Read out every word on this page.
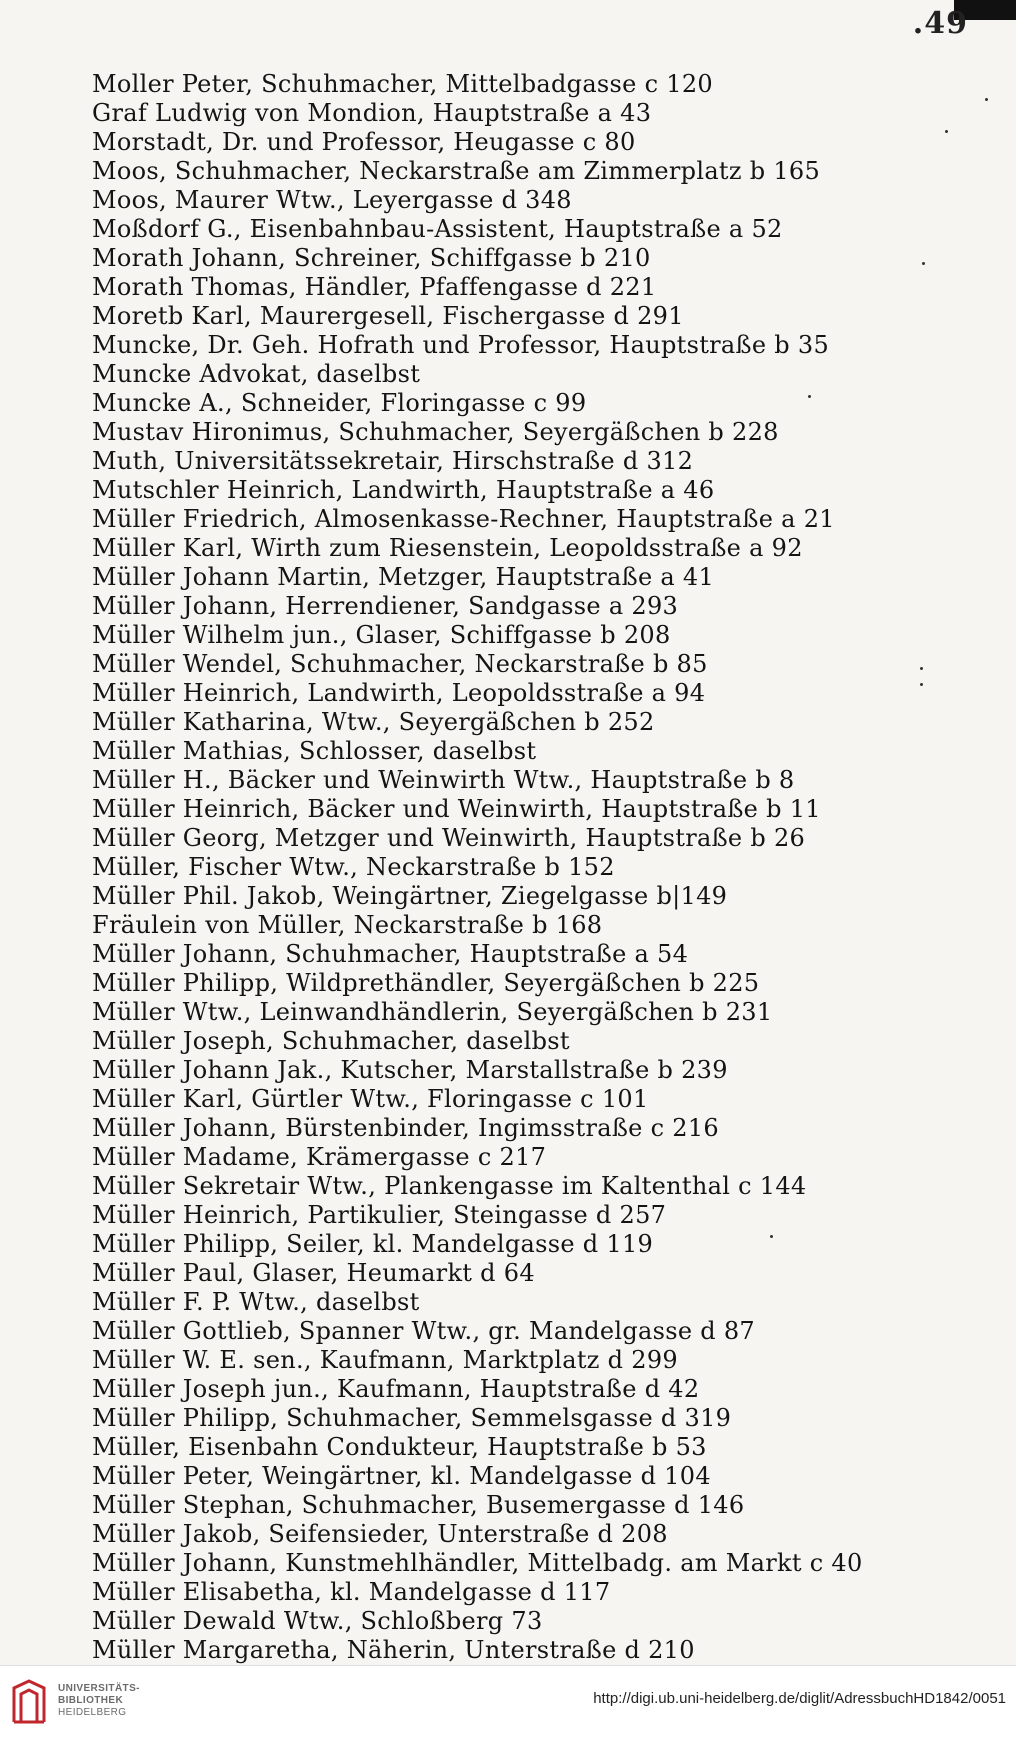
.49
Moller Peter, Schuhmacher, Mittelbadgasse c 120
Graf Ludwig von Mondion, Hauptstraße a 43
Morstadt, Dr. und Professor, Heugasse c 80
Moos, Schuhmacher, Neckarstraße am Zimmerplatz b 165
Moos, Maurer Wtw., Leyergasse d 348
Moßdorf G., Eisenbahnbau-Assistent, Hauptstraße a 52
Morath Johann, Schreiner, Schiffgasse b 210
Morath Thomas, Händler, Pfaffengasse d 221
Moretb Karl, Maurergesell, Fischergasse d 291
Muncke, Dr. Geh. Hofrath und Professor, Hauptstraße b 35
Muncke Advokat, daselbst
Muncke A., Schneider, Floringasse c 99
Mustav Hironimus, Schuhmacher, Seyergäßchen b 228
Muth, Universitätssekretair, Hirschstraße d 312
Mutschler Heinrich, Landwirth, Hauptstraße a 46
Müller Friedrich, Almosenkasse-Rechner, Hauptstraße a 21
Müller Karl, Wirth zum Riesenstein, Leopoldsstraße a 92
Müller Johann Martin, Metzger, Hauptstraße a 41
Müller Johann, Herrendiener, Sandgasse a 293
Müller Wilhelm jun., Glaser, Schiffgasse b 208
Müller Wendel, Schuhmacher, Neckarstraße b 85
Müller Heinrich, Landwirth, Leopoldsstraße a 94
Müller Katharina, Wtw., Seyergäßchen b 252
Müller Mathias, Schlosser, daselbst
Müller H., Bäcker und Weinwirth Wtw., Hauptstraße b 8
Müller Heinrich, Bäcker und Weinwirth, Hauptstraße b 11
Müller Georg, Metzger und Weinwirth, Hauptstraße b 26
Müller, Fischer Wtw., Neckarstraße b 152
Müller Phil. Jakob, Weingärtner, Ziegelgasse b|149
Fräulein von Müller, Neckarstraße b 168
Müller Johann, Schuhmacher, Hauptstraße a 54
Müller Philipp, Wildprethändler, Seyergäßchen b 225
Müller Wtw., Leinwandhändlerin, Seyergäßchen b 231
Müller Joseph, Schuhmacher, daselbst
Müller Johann Jak., Kutscher, Marstallstraße b 239
Müller Karl, Gürtler Wtw., Floringasse c 101
Müller Johann, Bürstenbinder, Ingimsstraße c 216
Müller Madame, Krämergasse c 217
Müller Sekretair Wtw., Plankengasse im Kaltenthal c 144
Müller Heinrich, Partikulier, Steingasse d 257
Müller Philipp, Seiler, kl. Mandelgasse d 119
Müller Paul, Glaser, Heumarkt d 64
Müller F. P. Wtw., daselbst
Müller Gottlieb, Spanner Wtw., gr. Mandelgasse d 87
Müller W. E. sen., Kaufmann, Marktplatz d 299
Müller Joseph jun., Kaufmann, Hauptstraße d 42
Müller Philipp, Schuhmacher, Semmelsgasse d 319
Müller, Eisenbahn Condukteur, Hauptstraße b 53
Müller Peter, Weingärtner, kl. Mandelgasse d 104
Müller Stephan, Schuhmacher, Busemergasse d 146
Müller Jakob, Seifensieder, Unterstraße d 208
Müller Johann, Kunstmehlhändler, Mittelbadg. am Markt c 40
Müller Elisabetha, kl. Mandelgasse d 117
Müller Dewald Wtw., Schloßberg 73
Müller Margaretha, Näherin, Unterstraße d 210
UNIVERSITÄTS-
BIBLIOTHEK
HEIDELBERG
http://digi.ub.uni-heidelberg.de/diglit/AdressbuchHD1842/0051
